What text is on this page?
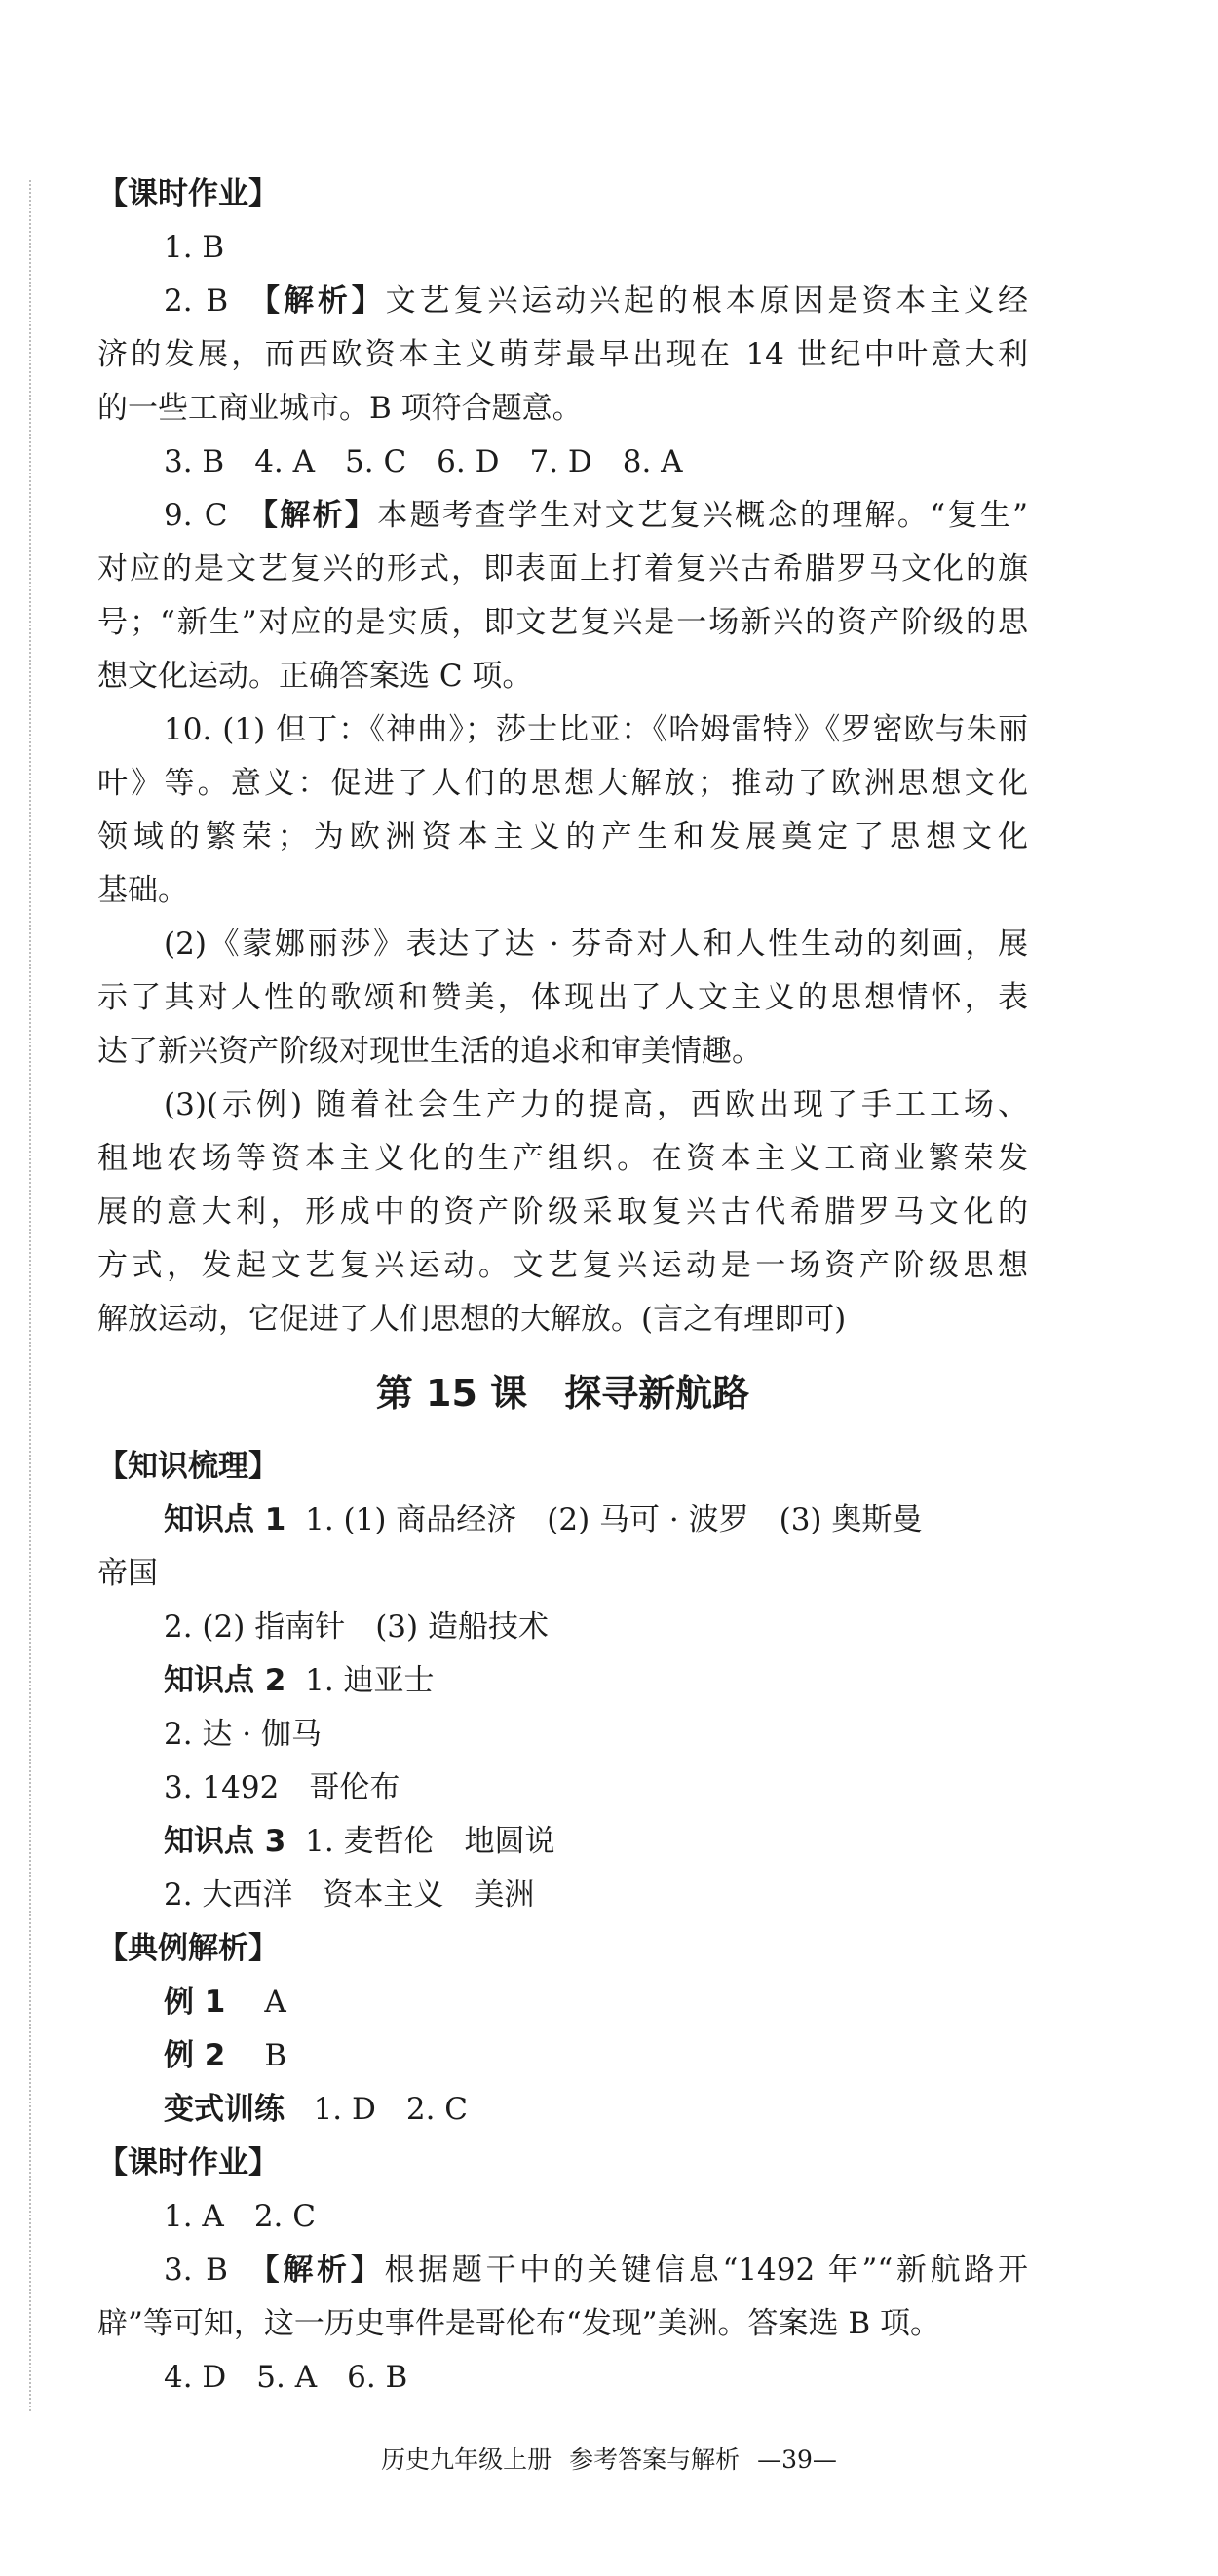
【课时作业】

1. B

2. B 【解析】文艺复兴运动兴起的根本原因是资本主义经

济的发展，而西欧资本主义萌芽最早出现在 14 世纪中叶意大利

的一些工商业城市。B 项符合题意。

3. B　4. A　5. C　6. D　7. D　8. A

9. C 【解析】本题考查学生对文艺复兴概念的理解。“复生”

对应的是文艺复兴的形式，即表面上打着复兴古希腊罗马文化的旗

号；“新生”对应的是实质，即文艺复兴是一场新兴的资产阶级的思

想文化运动。正确答案选 C 项。

10. (1) 但丁：《神曲》；莎士比亚：《哈姆雷特》《罗密欧与朱丽

叶》等。意义：促进了人们的思想大解放；推动了欧洲思想文化

领域的繁荣；为欧洲资本主义的产生和发展奠定了思想文化

基础。

(2)《蒙娜丽莎》表达了达 · 芬奇对人和人性生动的刻画，展

示了其对人性的歌颂和赞美，体现出了人文主义的思想情怀，表

达了新兴资产阶级对现世生活的追求和审美情趣。

(3)(示例) 随着社会生产力的提高，西欧出现了手工工场、

租地农场等资本主义化的生产组织。在资本主义工商业繁荣发

展的意大利，形成中的资产阶级采取复兴古代希腊罗马文化的

方式，发起文艺复兴运动。文艺复兴运动是一场资产阶级思想

解放运动，它促进了人们思想的大解放。(言之有理即可)

第 15 课 探寻新航路

【知识梳理】

知识点 1 1. (1) 商品经济　(2) 马可 · 波罗　(3) 奥斯曼

帝国

2. (2) 指南针　(3) 造船技术

知识点 2 1. 迪亚士

2. 达 · 伽马

3. 1492　哥伦布

知识点 3 1. 麦哲伦　地圆说

2. 大西洋　资本主义　美洲

【典例解析】

例 1 A

例 2 B

变式训练 1. D　2. C

【课时作业】

1. A　2. C

3. B 【解析】根据题干中的关键信息“1492 年”“新航路开

辟”等可知，这一历史事件是哥伦布“发现”美洲。答案选 B 项。

4. D　5. A　6. B

历史九年级上册 参考答案与解析 —39—
